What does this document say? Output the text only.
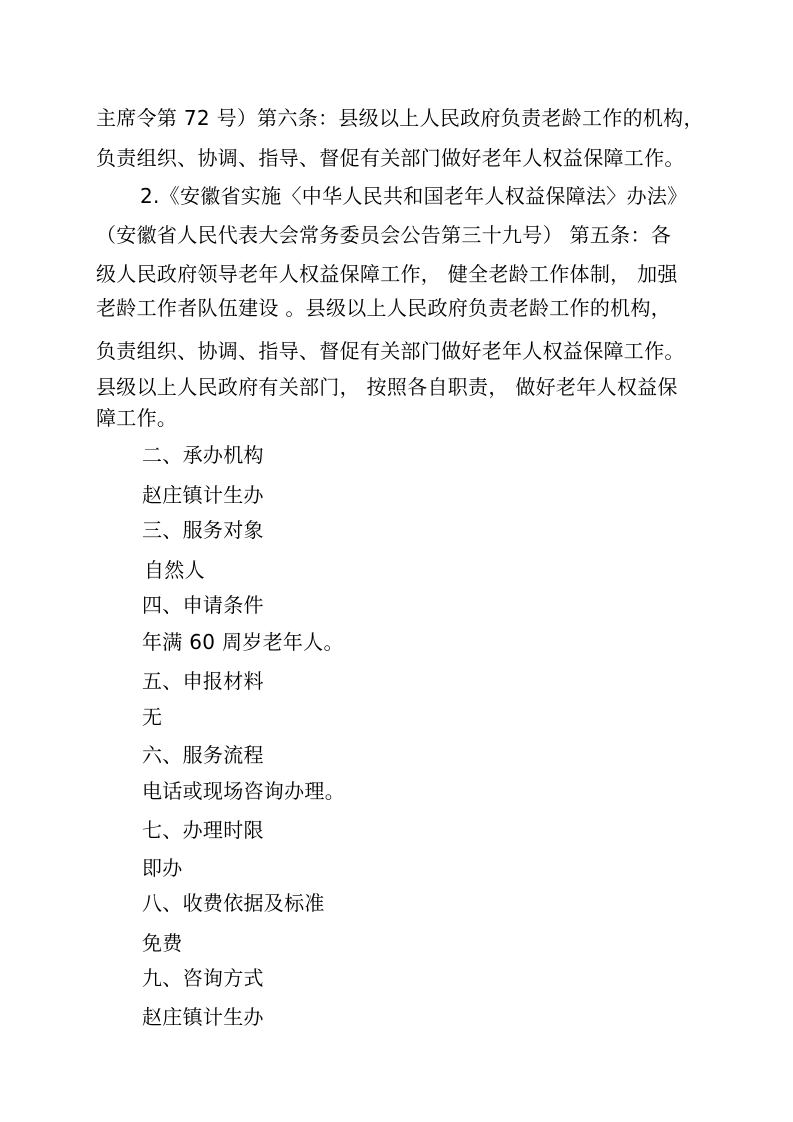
主席令第 72 号）第六条：县级以上人民政府负责老龄工作的机构，
负责组织、协调、指导、督促有关部门做好老年人权益保障工作。
2.《安徽省实施〈中华人民共和国老年人权益保障法〉办法》
（安徽省人民代表大会常务委员会公告第三十九号） 第五条：各
级人民政府领导老年人权益保障工作， 健全老龄工作体制， 加强
老龄工作者队伍建设 。县级以上人民政府负责老龄工作的机构，
负责组织、协调、指导、督促有关部门做好老年人权益保障工作。
县级以上人民政府有关部门， 按照各自职责， 做好老年人权益保
障工作。
二、承办机构
赵庄镇计生办
三、服务对象
自然人
四、申请条件
年满 60 周岁老年人。
五、申报材料
无
六、服务流程
电话或现场咨询办理。
七、办理时限
即办
八、收费依据及标准
免费
九、咨询方式
赵庄镇计生办
